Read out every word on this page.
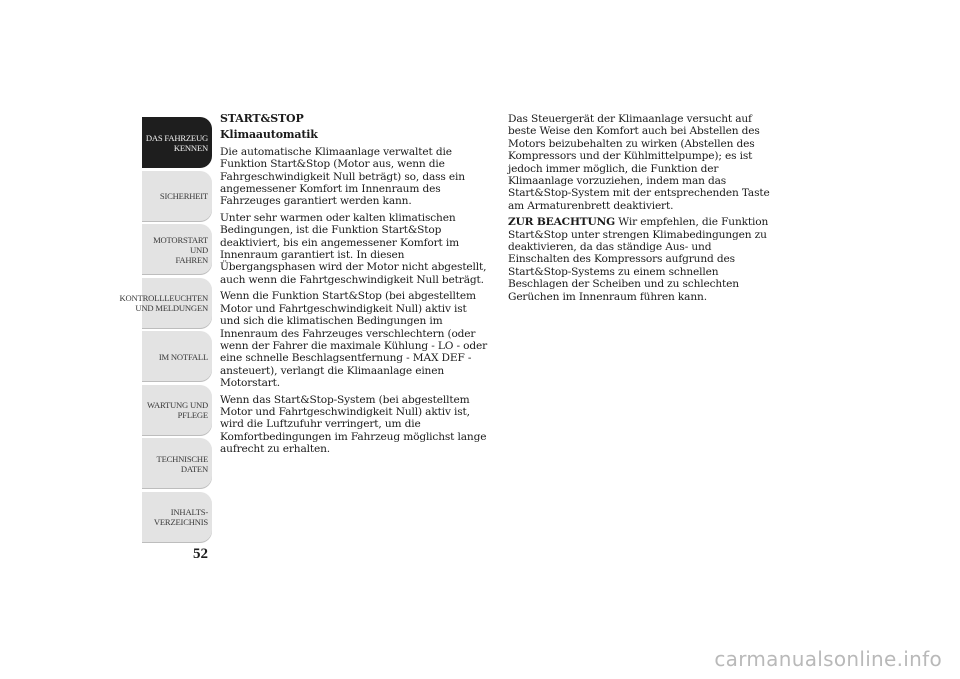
DAS FAHRZEUG
KENNEN
SICHERHEIT
MOTORSTART UND
FAHREN
KONTROLLLEUCHTEN
UND MELDUNGEN
IM NOTFALL
WARTUNG UND
PFLEGE
TECHNISCHE
DATEN
INHALTS-
VERZEICHNIS
52

START&STOP

Klimaautomatik

Die automatische Klimaanlage verwaltet die Funktion Start&Stop (Motor aus, wenn die Fahrgeschwindigkeit Null beträgt) so, dass ein angemessener Komfort im Innenraum des Fahrzeuges garantiert werden kann.

Unter sehr warmen oder kalten klimatischen Bedingungen, ist die Funktion Start&Stop deaktiviert, bis ein angemessener Komfort im Innenraum garantiert ist. In diesen Übergangsphasen wird der Motor nicht abgestellt, auch wenn die Fahrtgeschwindigkeit Null beträgt.

Wenn die Funktion Start&Stop (bei abgestelltem Motor und Fahrtgeschwindigkeit Null) aktiv ist und sich die klimatischen Bedingungen im Innenraum des Fahrzeuges verschlechtern (oder wenn der Fahrer die maximale Kühlung - LO - oder eine schnelle Beschlagsentfernung - MAX DEF - ansteuert), verlangt die Klimaanlage einen Motorstart.

Wenn das Start&Stop-System (bei abgestelltem Motor und Fahrtgeschwindigkeit Null) aktiv ist, wird die Luftzufuhr verringert, um die Komfortbedingungen im Fahrzeug möglichst lange aufrecht zu erhalten.

Das Steuergerät der Klimaanlage versucht auf beste Weise den Komfort auch bei Abstellen des Motors beizubehalten zu wirken (Abstellen des Kompressors und der Kühlmittelpumpe); es ist jedoch immer möglich, die Funktion der Klimaanlage vorzuziehen, indem man das Start&Stop-System mit der entsprechenden Taste am Armaturenbrett deaktiviert.

ZUR BEACHTUNG Wir empfehlen, die Funktion Start&Stop unter strengen Klimabedingungen zu deaktivieren, da das ständige Aus- und Einschalten des Kompressors aufgrund des Start&Stop-Systems zu einem schnellen Beschlagen der Scheiben und zu schlechten Gerüchen im Innenraum führen kann.

carmanualsonline.info
